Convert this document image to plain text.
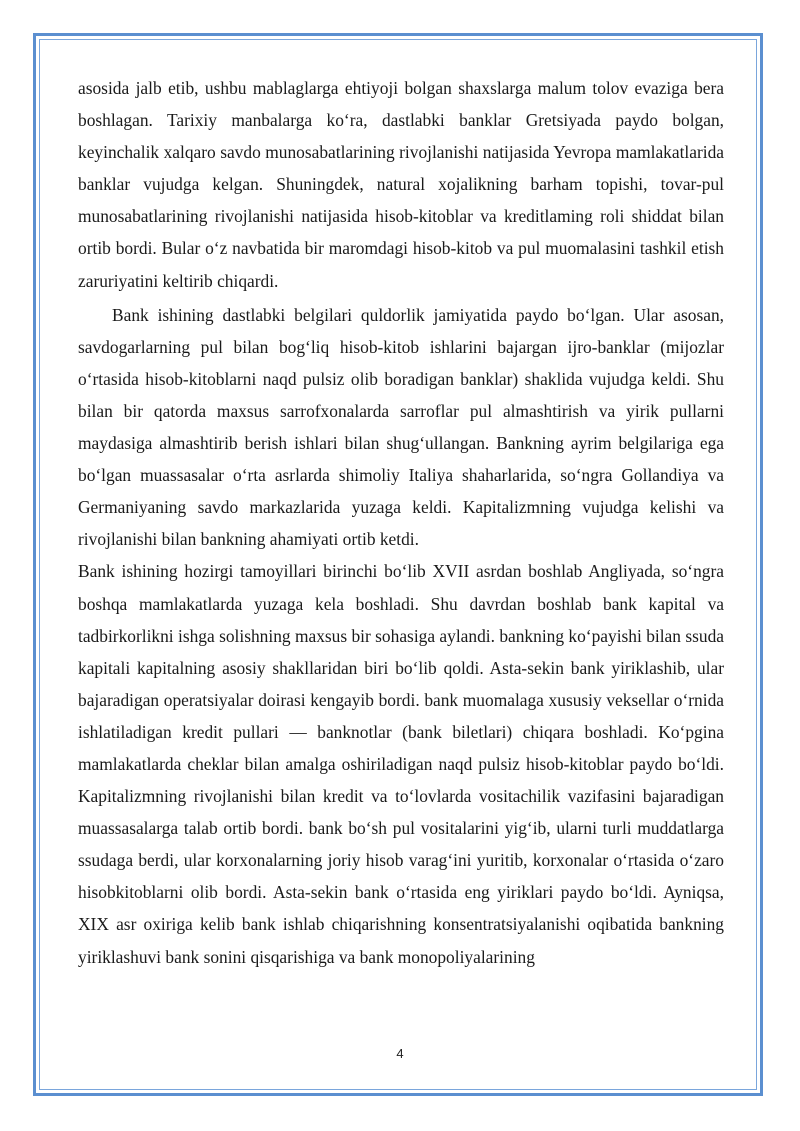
asosida jalb etib, ushbu mablaglarga ehtiyoji bolgan shaxslarga malum tolov evaziga bera boshlagan. Tarixiy manbalarga ko‘ra, dastlabki banklar Gretsiyada paydo bolgan, keyinchalik xalqaro savdo munosabatlarining rivojlanishi natijasida Yevropa mamlakatlarida banklar vujudga kelgan. Shuningdek, natural xojalikning barham topishi, tovar-pul munosabatlarining rivojlanishi natijasida hisob-kitoblar va kreditlaming roli shiddat bilan ortib bordi. Bular o‘z navbatida bir maromdagi hisob-kitob va pul muomalasini tashkil etish zaruriyatini keltirib chiqardi.

Bank ishining dastlabki belgilari quldorlik jamiyatida paydo bo‘lgan. Ular asosan, savdogarlarning pul bilan bog‘liq hisob-kitob ishlarini bajargan ijro-banklar (mijozlar o‘rtasida hisob-kitoblarni naqd pulsiz olib boradigan banklar) shaklida vujudga keldi. Shu bilan bir qatorda maxsus sarrofxonalarda sarroflar pul almashtirish va yirik pullarni maydasiga almashtirib berish ishlari bilan shug‘ullangan. Bankning ayrim belgilariga ega bo‘lgan muassasalar o‘rta asrlarda shimoliy Italiya shaharlarida, so‘ngra Gollandiya va Germaniyaning savdo markazlarida yuzaga keldi. Kapitalizmning vujudga kelishi va rivojlanishi bilan bankning ahamiyati ortib ketdi.

Bank ishining hozirgi tamoyillari birinchi bo‘lib XVII asrdan boshlab Angliyada, so‘ngra boshqa mamlakatlarda yuzaga kela boshladi. Shu davrdan boshlab bank kapital va tadbirkorlikni ishga solishning maxsus bir sohasiga aylandi. bankning ko‘payishi bilan ssuda kapitali kapitalning asosiy shakllaridan biri bo‘lib qoldi. Asta-sekin bank yiriklashib, ular bajaradigan operatsiyalar doirasi kengayib bordi. bank muomalaga xususiy veksellar o‘rnida ishlatiladigan kredit pullari — banknotlar (bank biletlari) chiqara boshladi. Ko‘pgina mamlakatlarda cheklar bilan amalga oshiriladigan naqd pulsiz hisob-kitoblar paydo bo‘ldi. Kapitalizmning rivojlanishi bilan kredit va to‘lovlarda vositachilik vazifasini bajaradigan muassasalarga talab ortib bordi. bank bo‘sh pul vositalarini yig‘ib, ularni turli muddatlarga ssudaga berdi, ular korxonalarning joriy hisob varag‘ini yuritib, korxonalar o‘rtasida o‘zaro hisobkitoblarni olib bordi. Asta-sekin bank o‘rtasida eng yiriklari paydo bo‘ldi. Ayniqsa, XIX asr oxiriga kelib bank ishlab chiqarishning konsentratsiyalanishi oqibatida bankning yiriklashuvi bank sonini qisqarishiga va bank monopoliyalarining

4
